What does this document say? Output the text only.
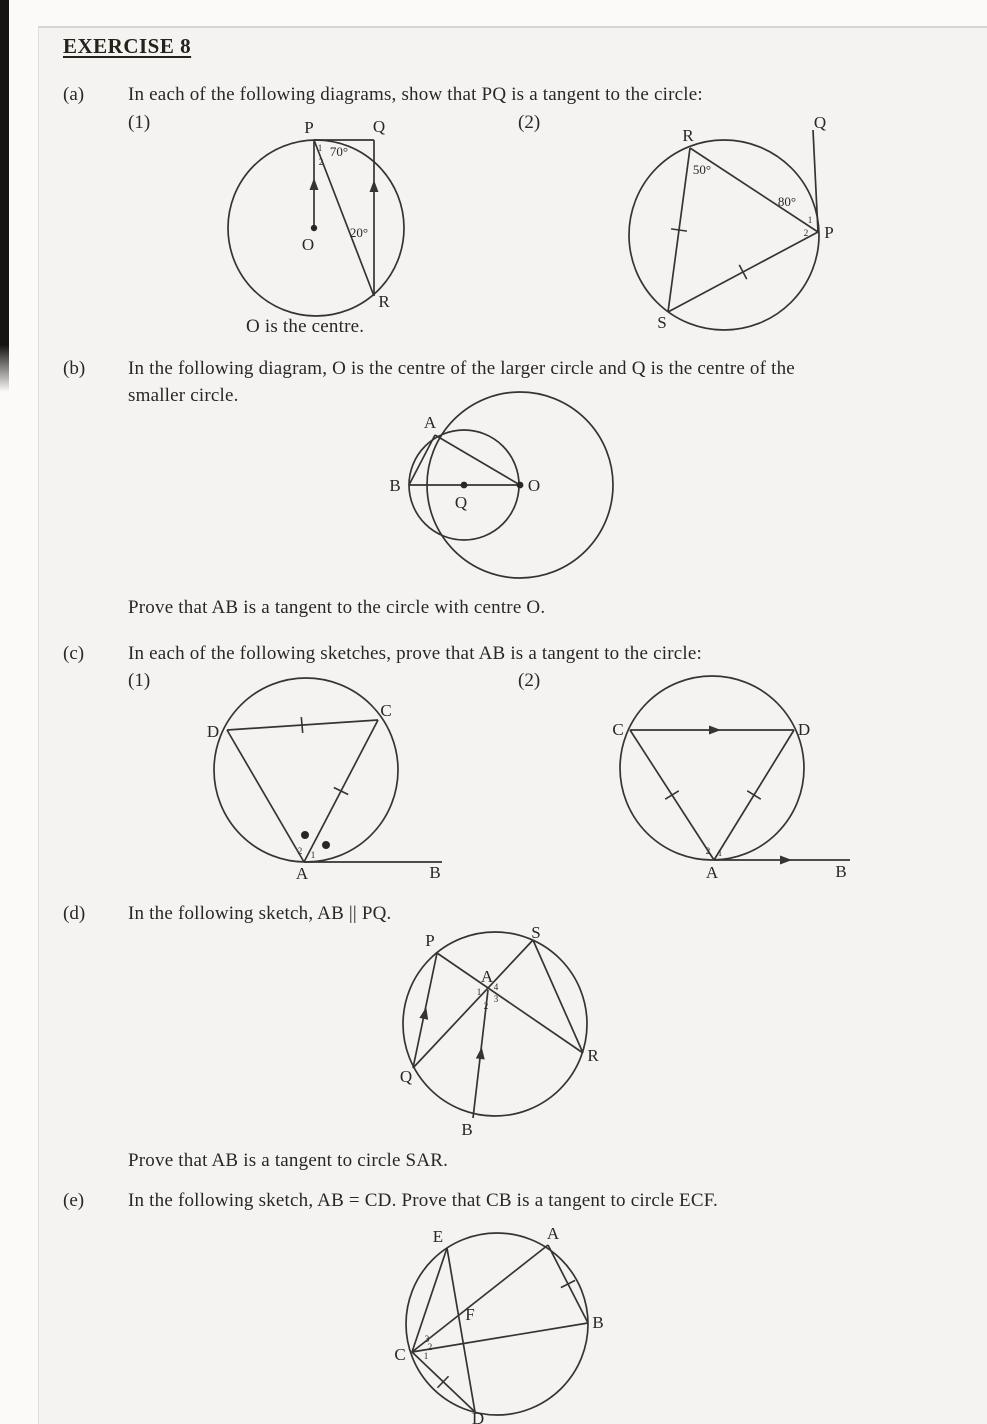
EXERCISE 8
(a) In each of the following diagrams, show that PQ is a tangent to the circle:
(1)	(2)
P	Q
R
O
70°
20°
1
2
O is the centre.
R
Q
P
S
50°
80°
1
2
(b) In the following diagram, O is the centre of the larger circle and Q is the centre of the
smaller circle.
A
B
Q
O
Prove that AB is a tangent to the circle with centre O.
(c) In each of the following sketches, prove that AB is a tangent to the circle:
(1)	(2)
D
C
A	B
2 1
C	D
A	B
2 1
(d) In the following sketch, AB || PQ.
P	S
Q
B
R
A
1 4
3
2
Prove that AB is a tangent to circle SAR.
(e) In the following sketch, AB = CD. Prove that CB is a tangent to circle ECF.
E	A
B
C
D
F
3
2
1
